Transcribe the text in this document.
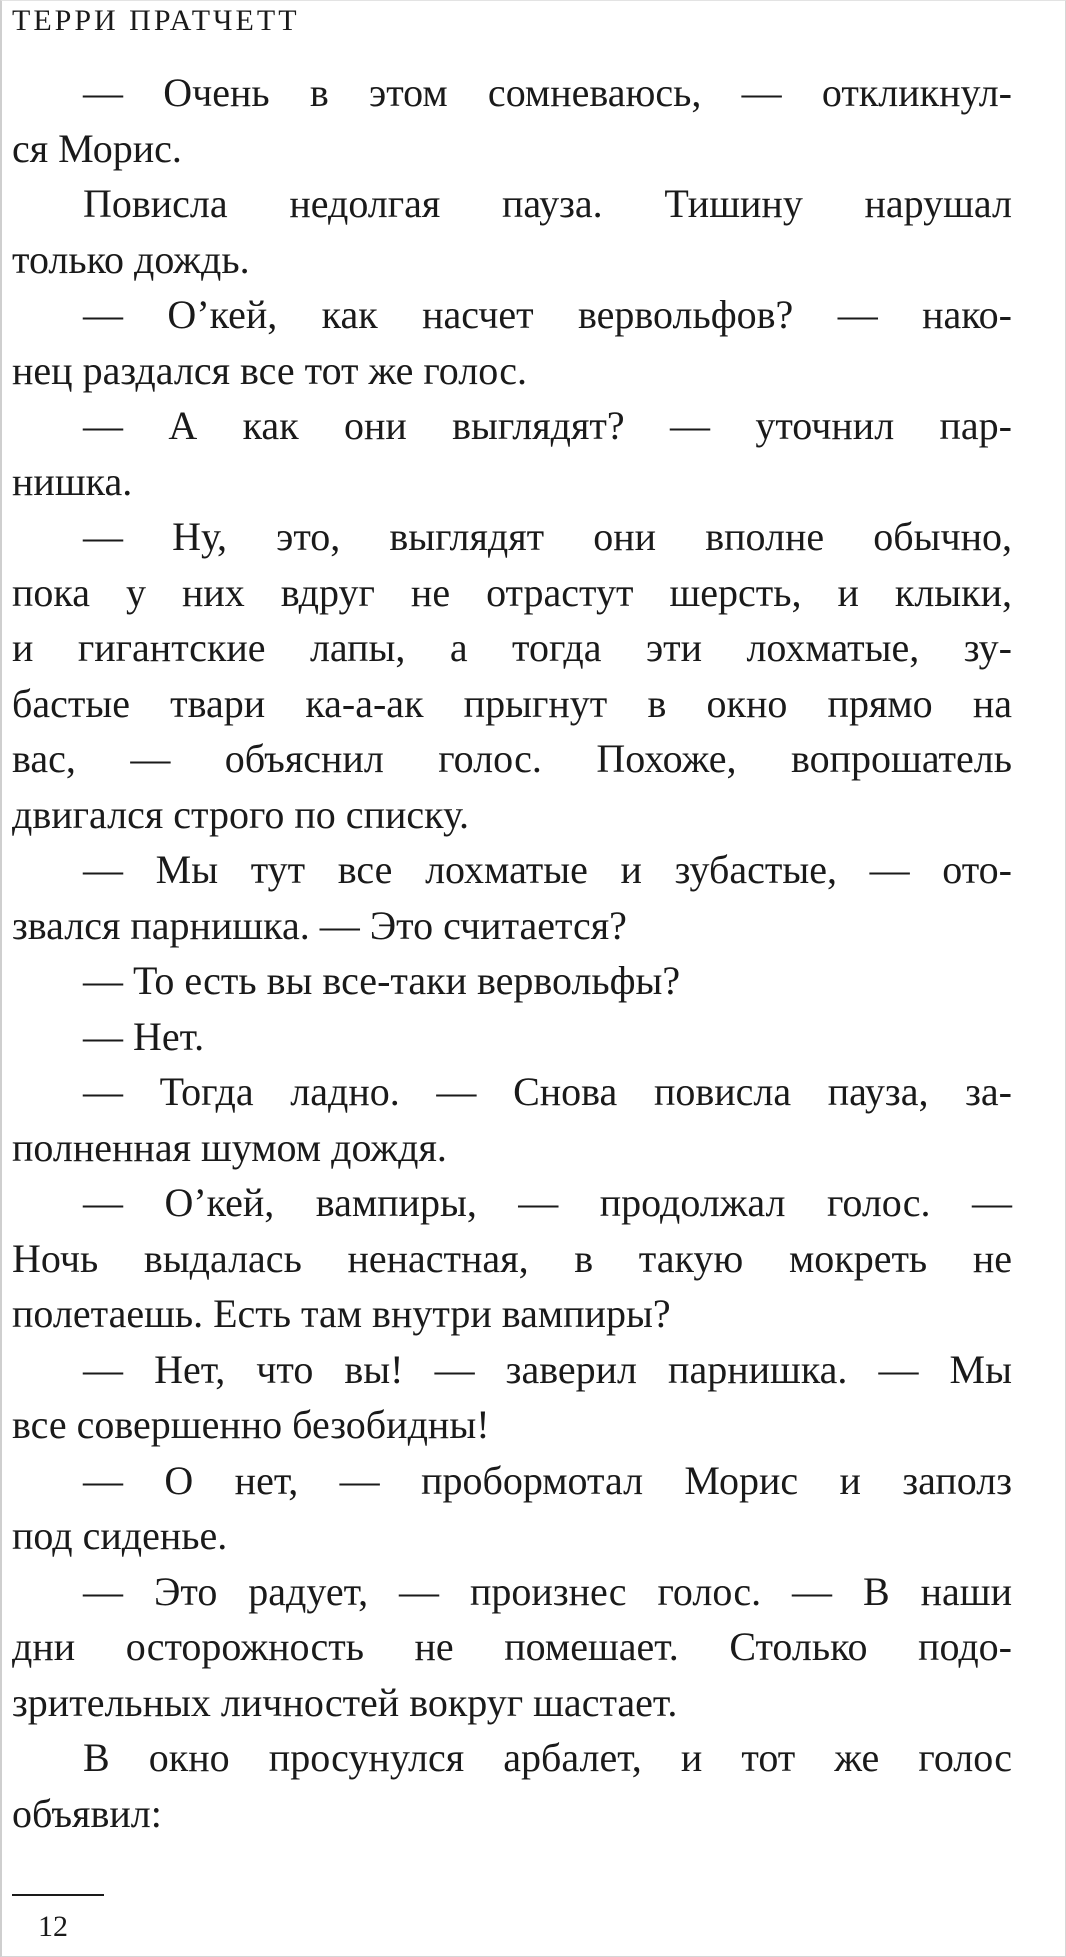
ТЕРРИ ПРАТЧЕТТ
— Очень в этом сомневаюсь, — откликнул-
ся Морис.
Повисла недолгая пауза. Тишину нарушал
только дождь.
— О’кей, как насчет вервольфов? — нако-
нец раздался все тот же голос.
— А как они выглядят? — уточнил пар-
нишка.
— Ну, это, выглядят они вполне обычно,
пока у них вдруг не отрастут шерсть, и клыки,
и гигантские лапы, а тогда эти лохматые, зу-
бастые твари ка-а-ак прыгнут в окно прямо на
вас, — объяснил голос. Похоже, вопрошатель
двигался строго по списку.
— Мы тут все лохматые и зубастые, — ото-
звался парнишка. — Это считается?
— То есть вы все-таки вервольфы?
— Нет.
— Тогда ладно. — Снова повисла пауза, за-
полненная шумом дождя.
— О’кей, вампиры, — продолжал голос. —
Ночь выдалась ненастная, в такую мокреть не
полетаешь. Есть там внутри вампиры?
— Нет, что вы! — заверил парнишка. — Мы
все совершенно безобидны!
— О нет, — пробормотал Морис и заполз
под сиденье.
— Это радует, — произнес голос. — В наши
дни осторожность не помешает. Столько подо-
зрительных личностей вокруг шастает.
В окно просунулся арбалет, и тот же голос
объявил:
12
